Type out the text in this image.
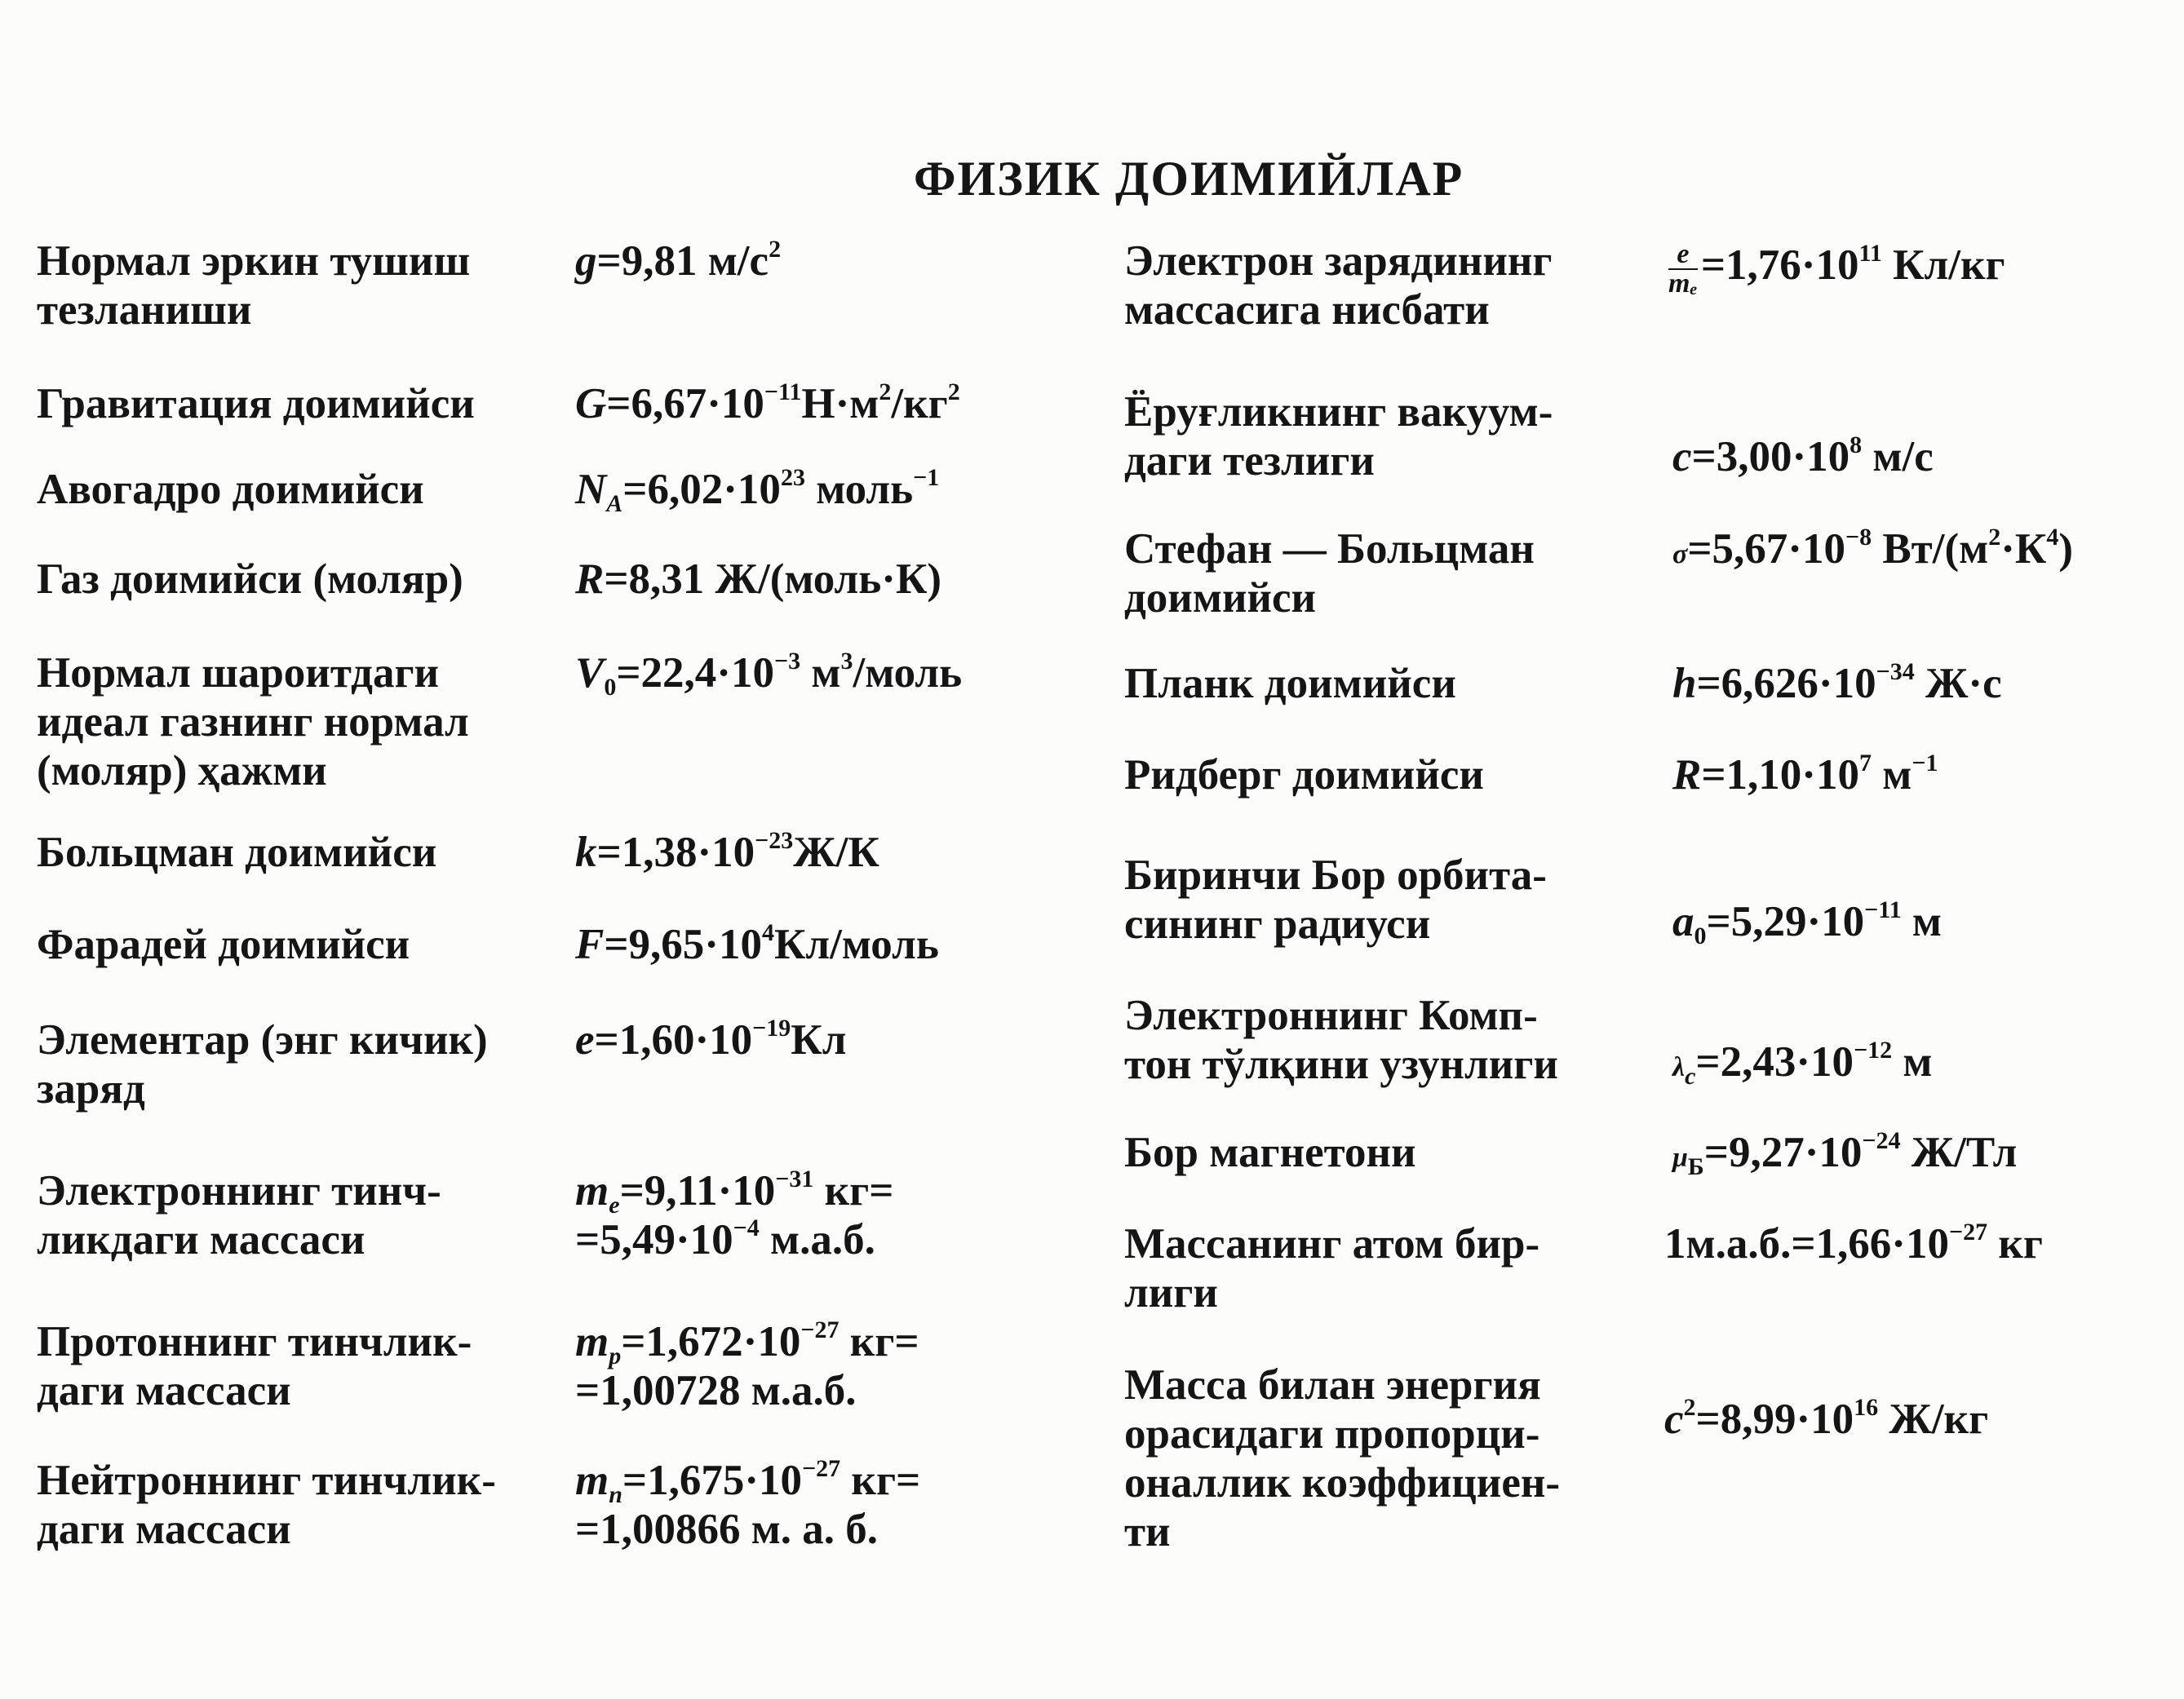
ФИЗИК ДОИМИЙЛАР
Нормал эркин тушиш
тезланиши
Гравитация доимийси
Авогадро доимийси
Газ доимийси (моляр)
Нормал шароитдаги
идеал газнинг нормал
(моляр) ҳажми
Больцман доимийси
Фарадей доимийси
Элементар (энг кичик)
заряд
Электроннинг тинч-
ликдаги массаси
Протоннинг тинчлик-
даги массаси
Нейтроннинг тинчлик-
даги массаси
g=9,81 $м/с^2$
$G=6,67\cdot 10^{-11}Н\cdot м^2/кг^2$
$N_A=6,02\cdot 10^{23}$ моль$^{-1}$
R=8,31 Ж/(моль·К)
$V_0=22,4\cdot 10^{-3}$ $м^3$/моль
$k=1,38\cdot 10^{-23}Ж/К$
$F=9,65\cdot 10^4Кл$/моль
$e=1,60\cdot 10^{-19}Кл$
$m_e=9,11\cdot 10^{-31}$ кг=
$=5,49\cdot 10^{-4}$ м.а.б.
$m_p=1,672\cdot 10^{-27}$ кг=
=1,00728 м.а.б.
$m_n=1,675\cdot 10^{-27}$ кг=
=1,00866 м. а. б.
Электрон зарядининг
массасига нисбати
Ёруғликнинг вакуум-
даги тезлиги
Стефан — Больцман
доимийси
Планк доимийси
Ридберг доимийси
Биринчи Бор орбита-
сининг радиуси
Электроннинг Комп-
тон тўлқини узунлиги
Бор магнетони
Массанинг атом бир-
лиги
Масса билан энергия
орасидаги пропорци-
оналлик коэффициен-
ти
$\frac{e}{\text{mₑ}} =1,76\cdot 10^{11}$ Кл/кг
$c=3,00\cdot 10^8$ м/с
$\sigma=5,67\cdot 10^{-8}$ $Вт/(м^2\cdot К^4)$
$h=6,626\cdot 10^{-34}$ Ж·с
$R=1,10\cdot 10^7$ $м^{-1}$
$a_0=5,29\cdot 10^{-11}$ м
$\lambda_c=2,43\cdot 10^{-12}$ м
$\mu_Б=9,27\cdot 10^{-24}$ Ж/Тл
$1м.а.б.=1,66\cdot 10^{-27}$ кг
$c^2=8,99\cdot 10^{16}$ Ж/кг
